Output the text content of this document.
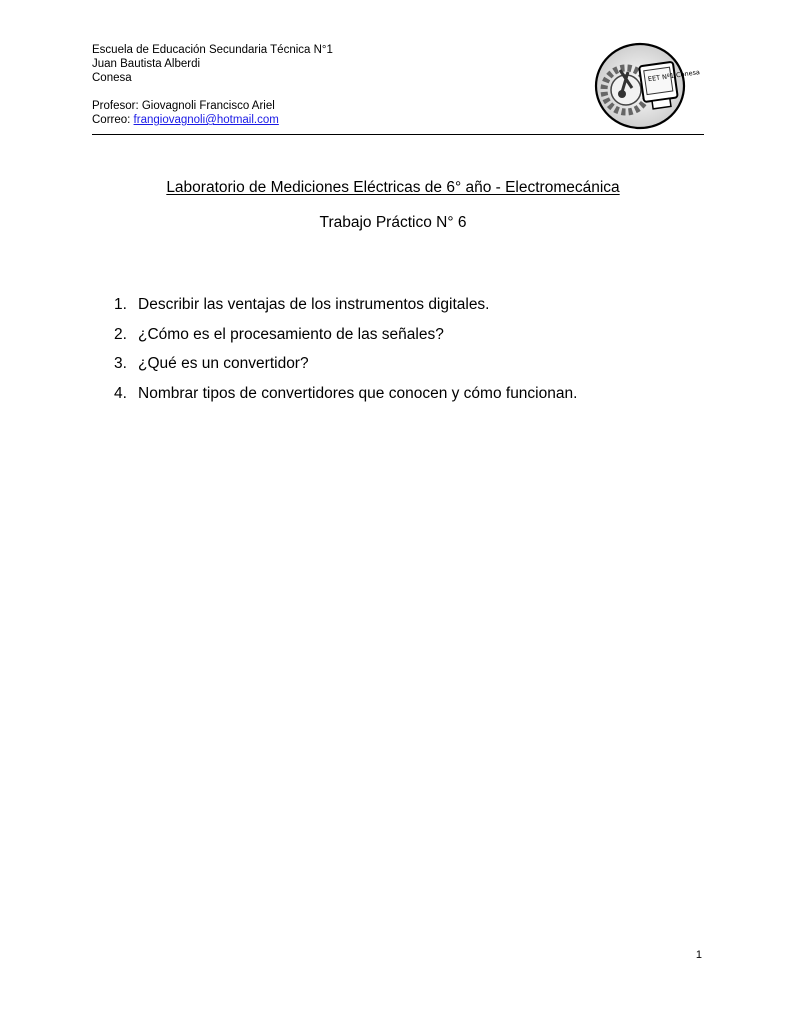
Escuela de Educación Secundaria Técnica N°1
Juan Bautista Alberdi
Conesa
Profesor: Giovagnoli Francisco Ariel
Correo: frangiovagnoli@hotmail.com
EET Nº1 Conesa
Laboratorio de Mediciones Eléctricas de 6° año - Electromecánica
Trabajo Práctico N° 6
1. Describir las ventajas de los instrumentos digitales.
2. ¿Cómo es el procesamiento de las señales?
3. ¿Qué es un convertidor?
4. Nombrar tipos de convertidores que conocen y cómo funcionan.
1
